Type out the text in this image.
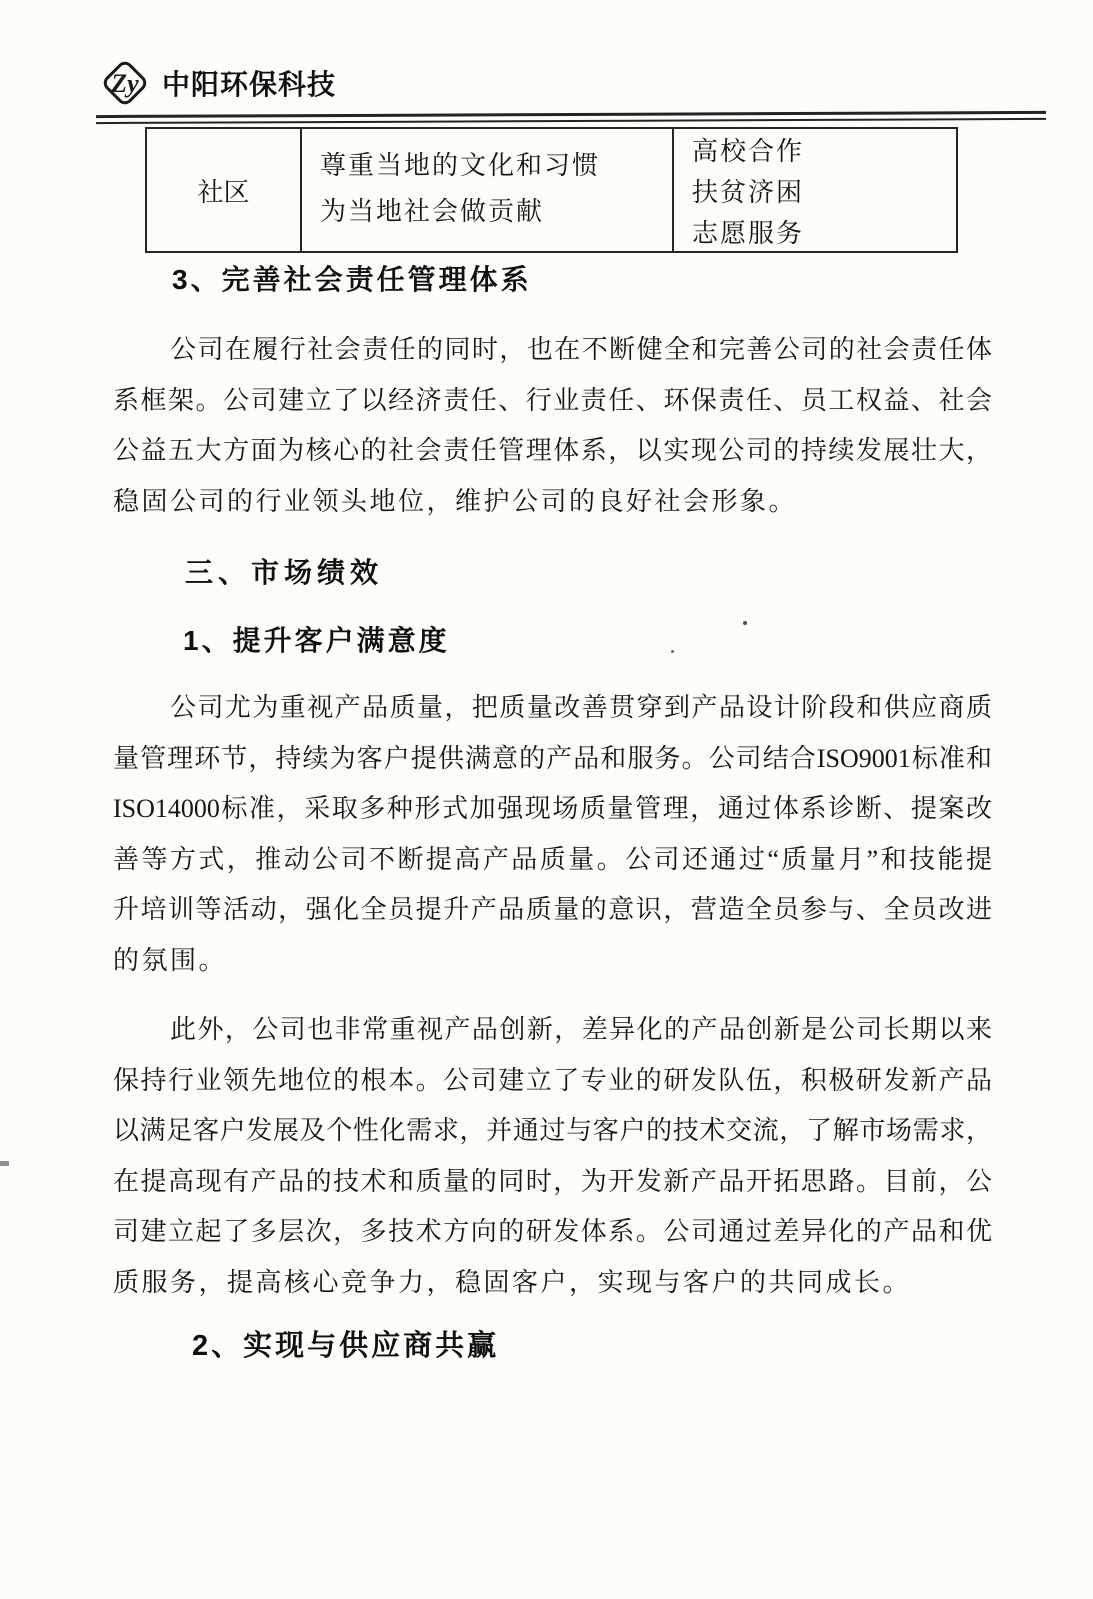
Zy 中阳环保科技
社区
尊重当地的文化和习惯
为当地社会做贡献
高校合作
扶贫济困
志愿服务
3、完善社会责任管理体系
公司在履行社会责任的同时，也在不断健全和完善公司的社会责任体
系框架。公司建立了以经济责任、行业责任、环保责任、员工权益、社会
公益五大方面为核心的社会责任管理体系，以实现公司的持续发展壮大，
稳固公司的行业领头地位，维护公司的良好社会形象。
三、市场绩效
1、提升客户满意度
公司尤为重视产品质量，把质量改善贯穿到产品设计阶段和供应商质
量管理环节，持续为客户提供满意的产品和服务。公司结合ISO9001标准和
ISO14000标准，采取多种形式加强现场质量管理，通过体系诊断、提案改
善等方式，推动公司不断提高产品质量。公司还通过“质量月”和技能提
升培训等活动，强化全员提升产品质量的意识，营造全员参与、全员改进
的氛围。
此外，公司也非常重视产品创新，差异化的产品创新是公司长期以来
保持行业领先地位的根本。公司建立了专业的研发队伍，积极研发新产品
以满足客户发展及个性化需求，并通过与客户的技术交流，了解市场需求，
在提高现有产品的技术和质量的同时，为开发新产品开拓思路。目前，公
司建立起了多层次，多技术方向的研发体系。公司通过差异化的产品和优
质服务，提高核心竞争力，稳固客户，实现与客户的共同成长。
2、实现与供应商共赢
